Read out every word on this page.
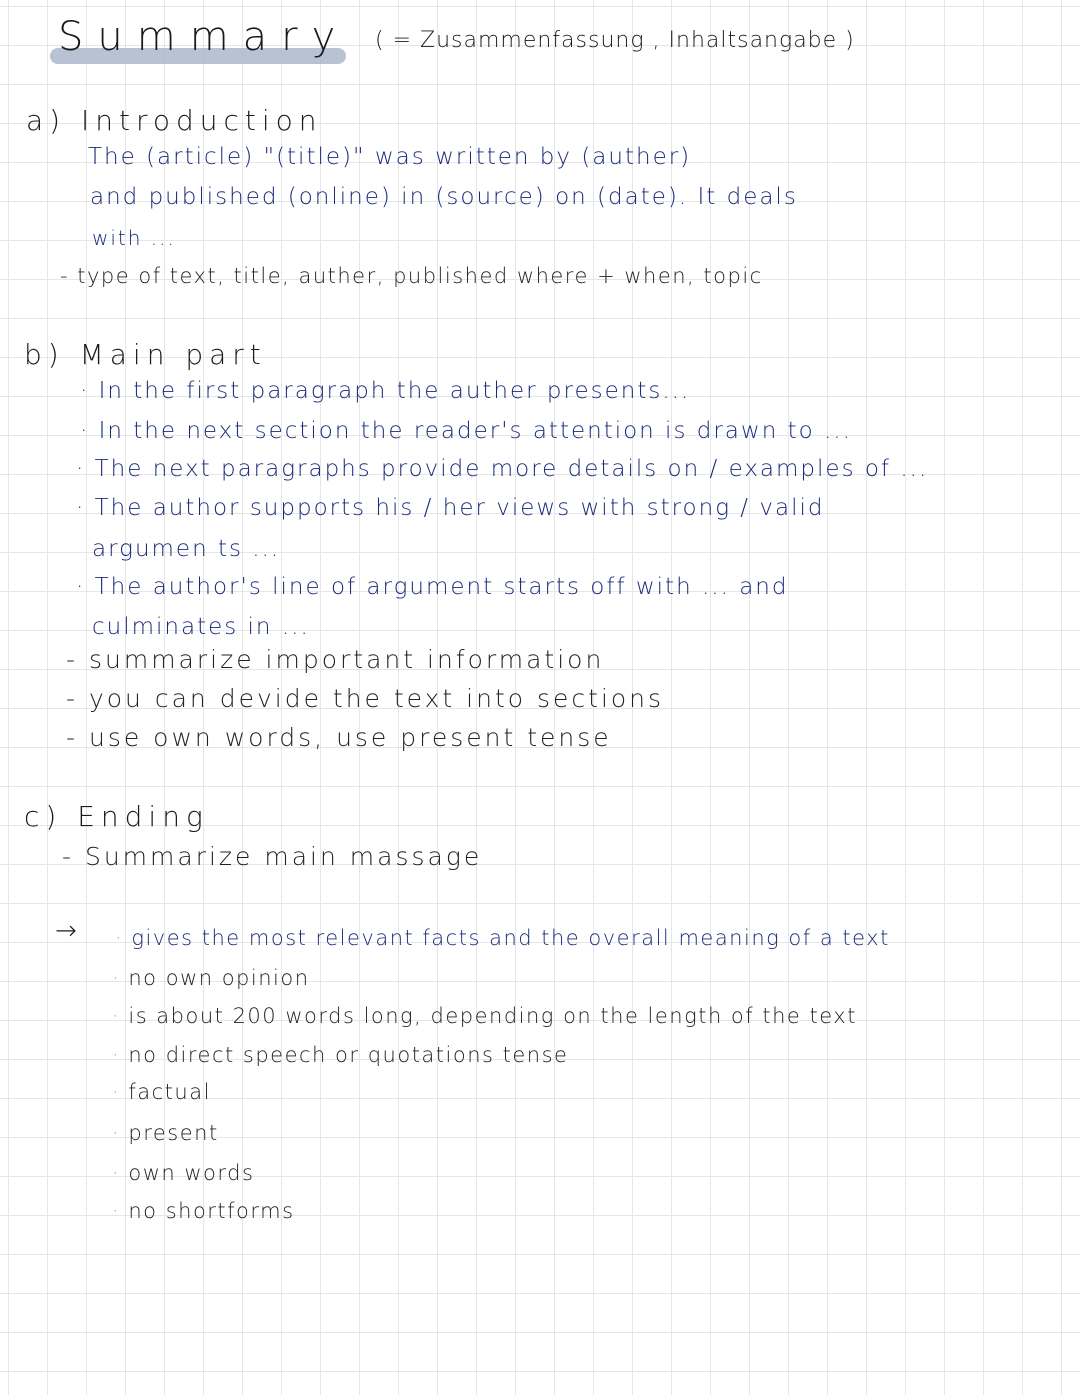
Summary ( = Zusammenfassung , Inhaltsangabe )
a) Introduction
The (article) "(title)" was written by (auther)
and published (online) in (source) on (date). It deals
with ...
- type of text, title, auther, published where + when, topic
b) Main part
· In the first paragraph the auther presents...
· In the next section the reader's attention is drawn to ...
· The next paragraphs provide more details on / examples of ...
· The author supports his / her views with strong / valid
argumen ts ...
· The author's line of argument starts off with ... and
culminates in ...
- summarize important information
- you can devide the text into sections
- use own words, use present tense
c) Ending
- Summarize main massage
→ · gives the most relevant facts and the overall meaning of a text
· no own opinion
· is about 200 words long, depending on the length of the text
· no direct speech or quotations tense
· factual
· present
· own words
· no shortforms
